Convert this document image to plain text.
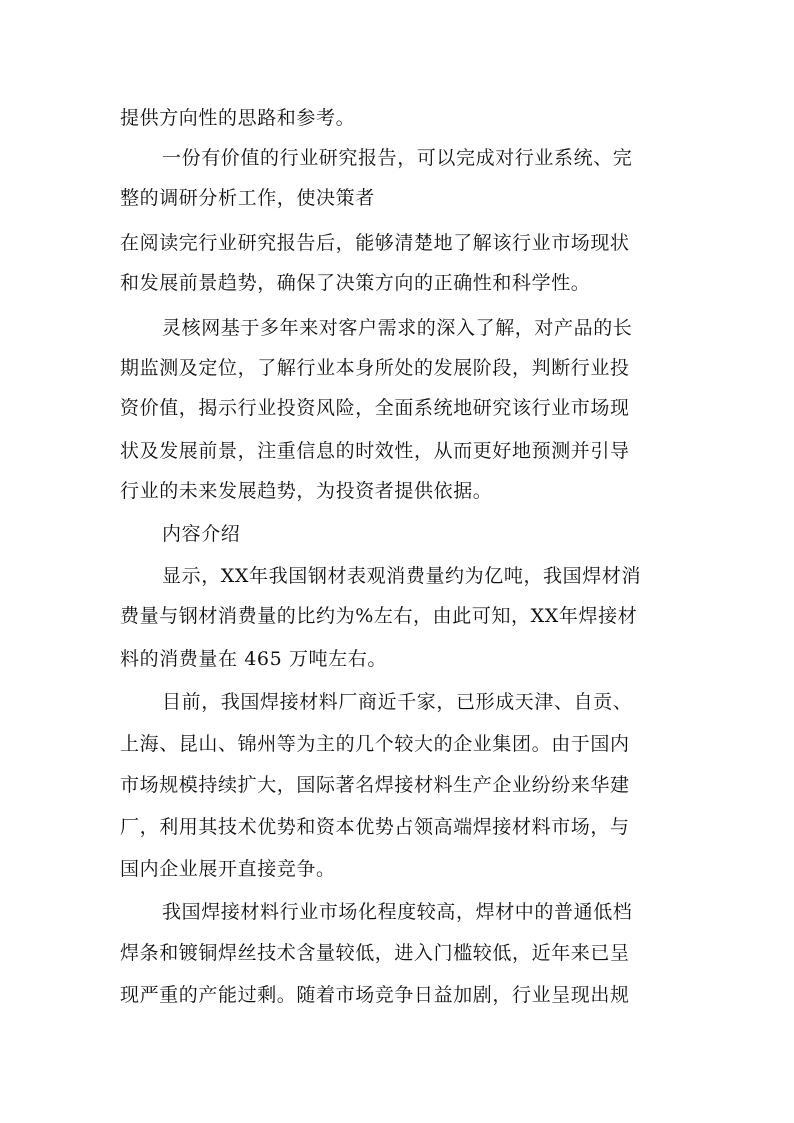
提供方向性的思路和参考。
一份有价值的行业研究报告，可以完成对行业系统、完
整的调研分析工作，使决策者
在阅读完行业研究报告后，能够清楚地了解该行业市场现状
和发展前景趋势，确保了决策方向的正确性和科学性。
灵核网基于多年来对客户需求的深入了解，对产品的长
期监测及定位，了解行业本身所处的发展阶段，判断行业投
资价值，揭示行业投资风险，全面系统地研究该行业市场现
状及发展前景，注重信息的时效性，从而更好地预测并引导
行业的未来发展趋势，为投资者提供依据。
内容介绍
显示，XX年我国钢材表观消费量约为亿吨，我国焊材消
费量与钢材消费量的比约为%左右，由此可知，XX年焊接材
料的消费量在 465 万吨左右。
目前，我国焊接材料厂商近千家，已形成天津、自贡、
上海、昆山、锦州等为主的几个较大的企业集团。由于国内
市场规模持续扩大，国际著名焊接材料生产企业纷纷来华建
厂，利用其技术优势和资本优势占领高端焊接材料市场，与
国内企业展开直接竞争。
我国焊接材料行业市场化程度较高，焊材中的普通低档
焊条和镀铜焊丝技术含量较低，进入门槛较低，近年来已呈
现严重的产能过剩。随着市场竞争日益加剧，行业呈现出规
